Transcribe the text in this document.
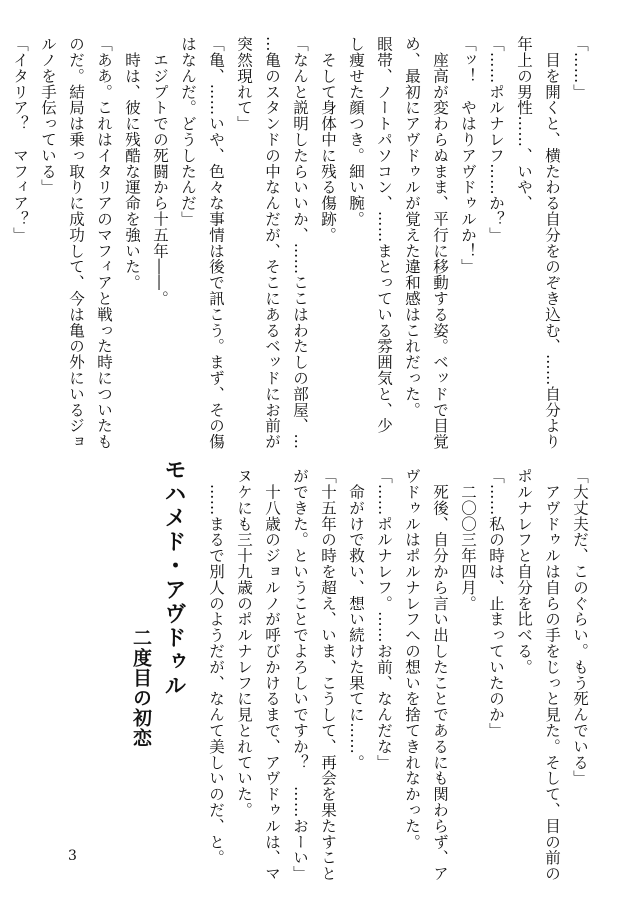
「……」
　目を開くと、横たわる自分をのぞき込む、……自分より
年上の男性……、いや、
「……ポルナレフ……か？」
「ッ！　やはりアヴドゥルか！」
　座高が変わらぬまま、平行に移動する姿。ベッドで目覚
め、最初にアヴドゥルが覚えた違和感はこれだった。
眼帯、ノートパソコン、……まとっている雰囲気と、少
し痩せた顔つき。細い腕。
　そして身体中に残る傷跡。
「なんと説明したらいいか、……ここはわたしの部屋、…
…亀のスタンドの中なんだが、そこにあるベッドにお前が
突然現れて」
「亀、……いや、色々な事情は後で訊こう。まず、その傷
はなんだ。どうしたんだ」
　エジプトでの死闘から十五年――。
　時は、彼に残酷な運命を強いた。
「ああ。これはイタリアのマフィアと戦った時についたも
のだ。結局は乗っ取りに成功して、今は亀の外にいるジョ
ルノを手伝っている」
「イタリア？　マフィア？」
「大丈夫だ、このぐらい。もう死んでいる」
　アヴドゥルは自らの手をじっと見た。そして、目の前の
ポルナレフと自分を比べる。
「……私の時は、止まっていたのか」
　二〇〇三年四月。
　死後、自分から言い出したことであるにも関わらず、ア
ヴドゥルはポルナレフへの想いを捨てきれなかった。
「……ポルナレフ。……お前、なんだな」
　命がけで救い、想い続けた果てに……。
「十五年の時を超え、いま、こうして、再会を果たすこと
ができた。ということでよろしいですか？　……おーい」
　十八歳のジョルノが呼びかけるまで、アヴドゥルは、マ
ヌケにも三十九歳のポルナレフに見とれていた。
　……まるで別人のようだが、なんて美しいのだ、と。
モハメド・アヴドゥル
二度目の初恋
3
